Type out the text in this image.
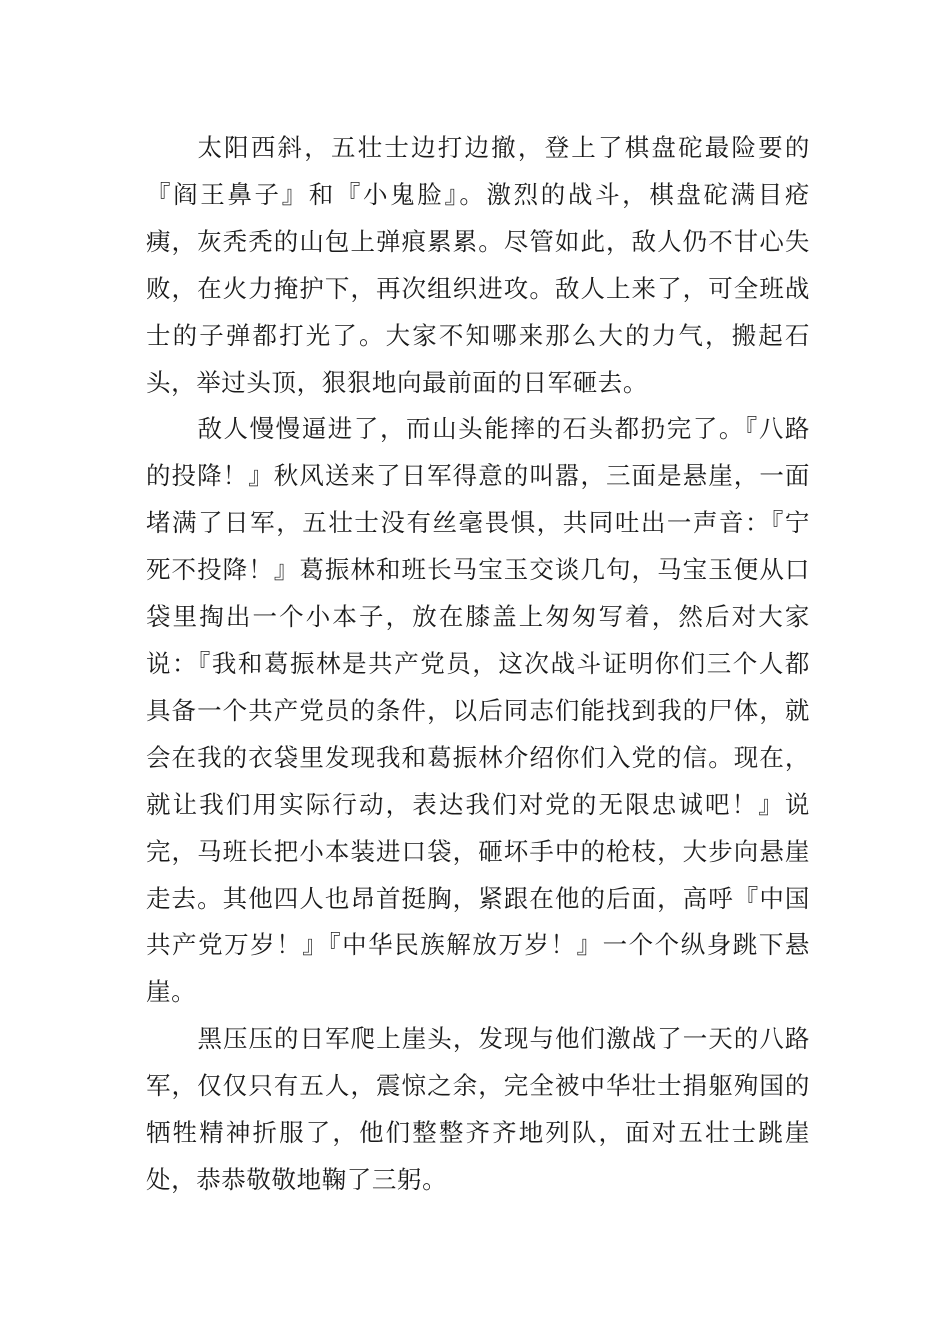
太阳西斜，五壮士边打边撤，登上了棋盘砣最险要的『阎王鼻子』和『小鬼脸』。激烈的战斗，棋盘砣满目疮痍，灰秃秃的山包上弹痕累累。尽管如此，敌人仍不甘心失败，在火力掩护下，再次组织进攻。敌人上来了，可全班战士的子弹都打光了。大家不知哪来那么大的力气，搬起石头，举过头顶，狠狠地向最前面的日军砸去。

敌人慢慢逼进了，而山头能摔的石头都扔完了。『八路的投降！』秋风送来了日军得意的叫嚣，三面是悬崖，一面堵满了日军，五壮士没有丝毫畏惧，共同吐出一声音：『宁死不投降！』葛振林和班长马宝玉交谈几句，马宝玉便从口袋里掏出一个小本子，放在膝盖上匆匆写着，然后对大家说：『我和葛振林是共产党员，这次战斗证明你们三个人都具备一个共产党员的条件，以后同志们能找到我的尸体，就会在我的衣袋里发现我和葛振林介绍你们入党的信。现在，就让我们用实际行动，表达我们对党的无限忠诚吧！』说完，马班长把小本装进口袋，砸坏手中的枪枝，大步向悬崖走去。其他四人也昂首挺胸，紧跟在他的后面，高呼『中国共产党万岁！』『中华民族解放万岁！』一个个纵身跳下悬崖。

黑压压的日军爬上崖头，发现与他们激战了一天的八路军，仅仅只有五人，震惊之余，完全被中华壮士捐躯殉国的牺牲精神折服了，他们整整齐齐地列队，面对五壮士跳崖处，恭恭敬敬地鞠了三躬。
